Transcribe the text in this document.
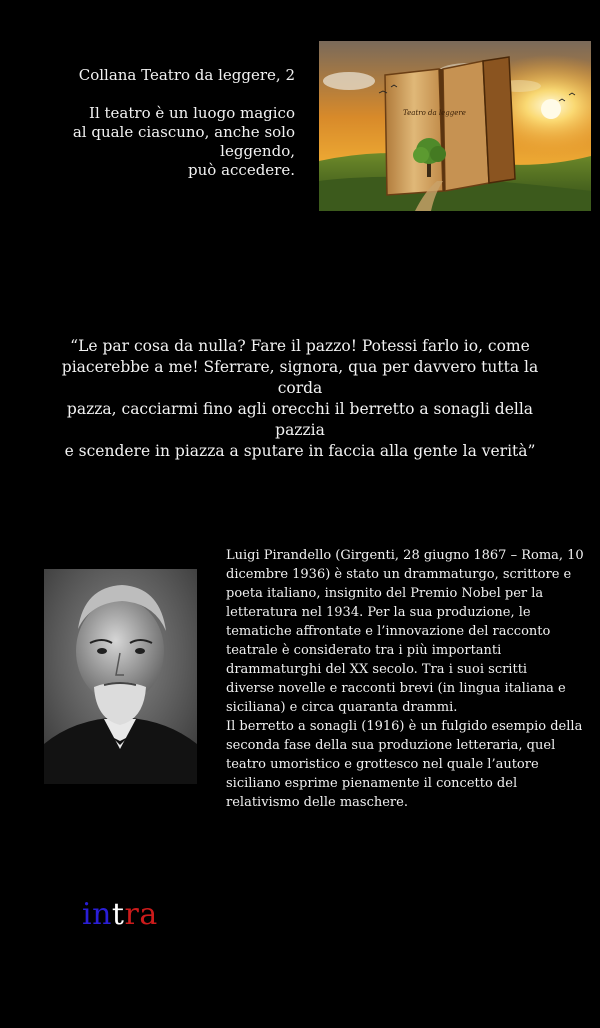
Collana Teatro da leggere, 2

Il teatro è un luogo magico
al quale ciascuno, anche solo leggendo,
può accedere.

Teatro da leggere

“Le par cosa da nulla? Fare il pazzo! Potessi farlo io, come
piacerebbe a me! Sferrare, signora, qua per davvero tutta la corda
pazza, cacciarmi fino agli orecchi il berretto a sonagli della pazzia
e scendere in piazza a sputare in faccia alla gente la verità”

Luigi Pirandello (Girgenti, 28 giugno 1867 – Roma, 10
dicembre 1936) è stato un drammaturgo, scrittore e
poeta italiano, insignito del Premio Nobel per la
letteratura nel 1934. Per la sua produzione, le
tematiche affrontate e l’innovazione del racconto
teatrale è considerato tra i più importanti
drammaturghi del XX secolo. Tra i suoi scritti
diverse novelle e racconti brevi (in lingua italiana e
siciliana) e circa quaranta drammi.

Il berretto a sonagli (1916) è un fulgido esempio della
seconda fase della sua produzione letteraria, quel
teatro umoristico e grottesco nel quale l’autore
siciliano esprime pienamente il concetto del
relativismo delle maschere.

intra
